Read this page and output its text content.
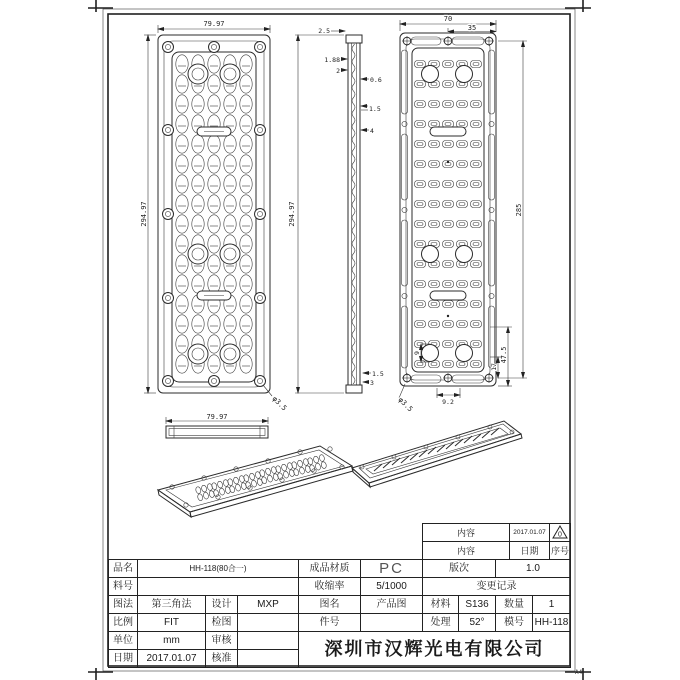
79.97
294.97
φ3.5
2.5
1.88
2
0.6
1.5
4
1.5
3
294.97
70
35
285
47.5
17
9
9.2
φ3.5
79.97
内容	2017.01.07	0

内容	日期	序号
品名	HH-118(80合一)			成品材质	PC	版次		1.0	
料号				收缩率	5/1000	变更记录			
图法	第三角法	设计	MXP	图名	产品图	材料	S136	数量	1
比例	FIT	检图		件号		处理	52°	模号	HH-118
单位	mm	审核		深圳市汉辉光电有限公司					
日期	2017.01.07	核准							
A4
